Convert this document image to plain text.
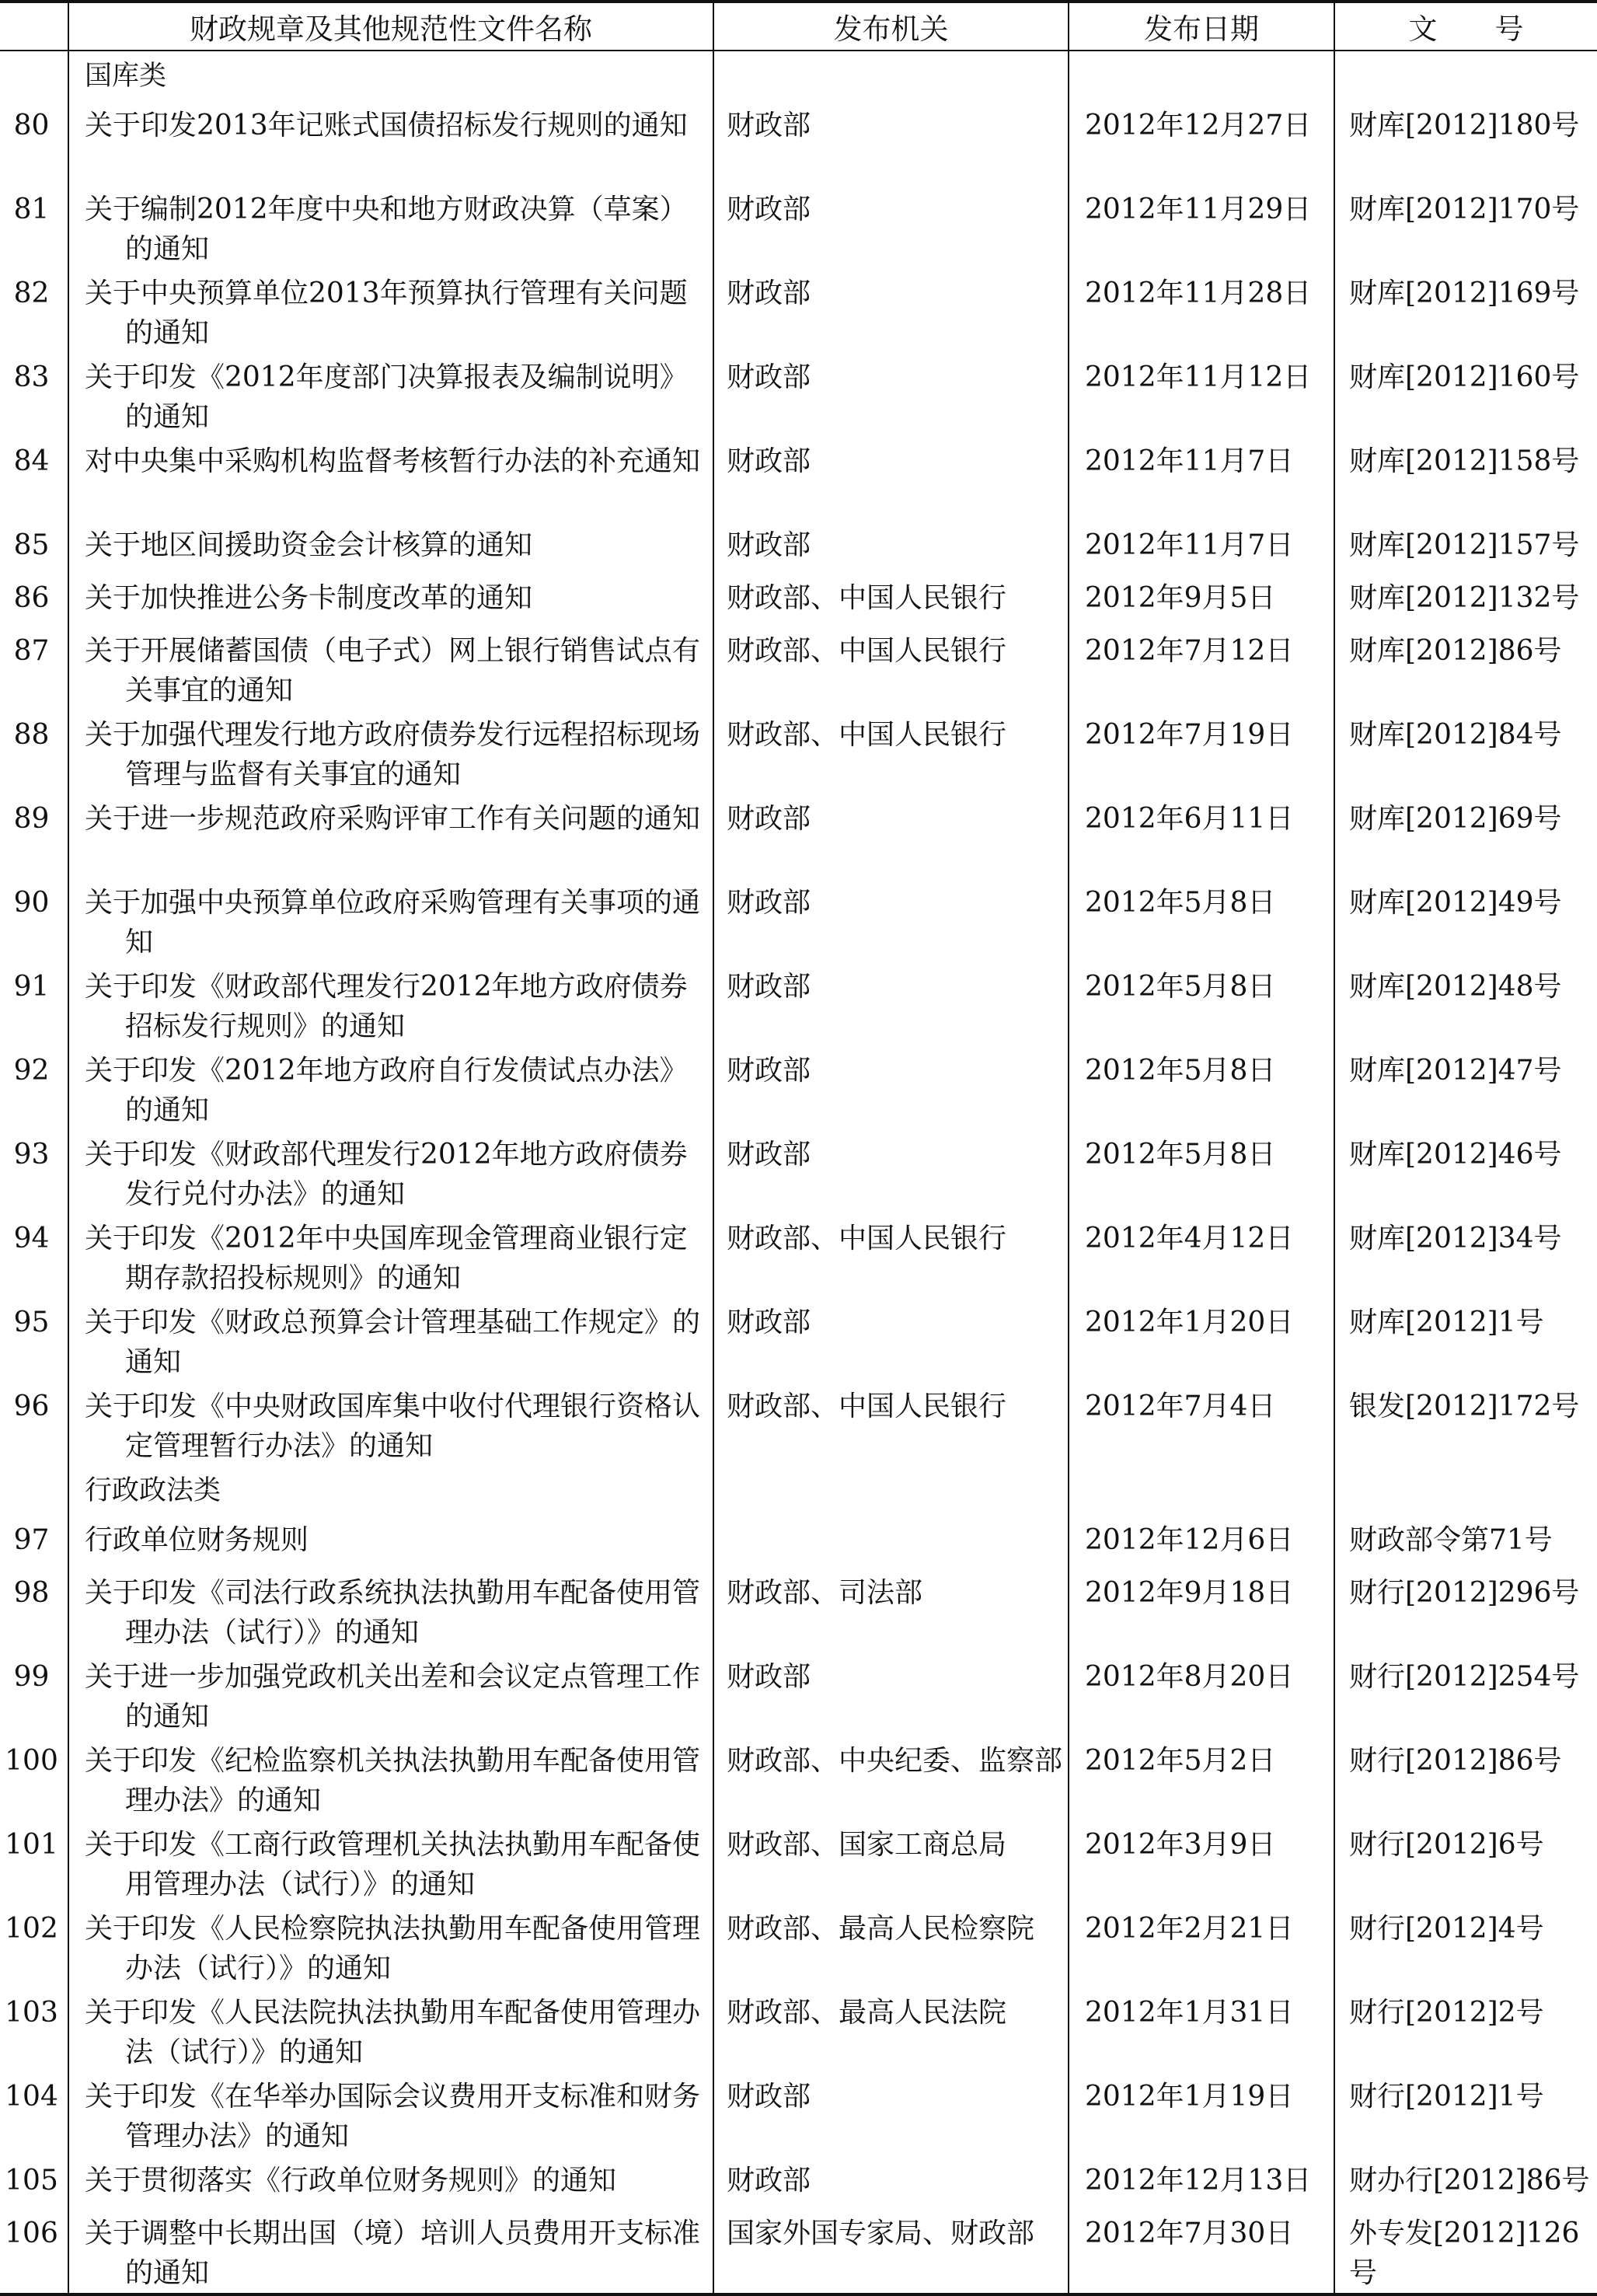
	财政规章及其他规范性文件名称	发布机关	发布日期	文　　号
	国库类			
80	关于印发2013年记账式国债招标发行规则的通知	财政部	2012年12月27日	财库[2012]180号

81	关于编制2012年度中央和地方财政决算（草案）的通知	财政部	2012年11月29日	财库[2012]170号

82	关于中央预算单位2013年预算执行管理有关问题的通知	财政部	2012年11月28日	财库[2012]169号

83	关于印发《2012年度部门决算报表及编制说明》的通知	财政部	2012年11月12日	财库[2012]160号

84	对中央集中采购机构监督考核暂行办法的补充通知	财政部	2012年11月7日	财库[2012]158号

85	关于地区间援助资金会计核算的通知	财政部	2012年11月7日	财库[2012]157号

86	关于加快推进公务卡制度改革的通知	财政部、中国人民银行	2012年9月5日	财库[2012]132号

87	关于开展储蓄国债（电子式）网上银行销售试点有关事宜的通知	财政部、中国人民银行	2012年7月12日	财库[2012]86号

88	关于加强代理发行地方政府债券发行远程招标现场管理与监督有关事宜的通知	财政部、中国人民银行	2012年7月19日	财库[2012]84号

89	关于进一步规范政府采购评审工作有关问题的通知	财政部	2012年6月11日	财库[2012]69号

90	关于加强中央预算单位政府采购管理有关事项的通知	财政部	2012年5月8日	财库[2012]49号

91	关于印发《财政部代理发行2012年地方政府债券招标发行规则》的通知	财政部	2012年5月8日	财库[2012]48号

92	关于印发《2012年地方政府自行发债试点办法》的通知	财政部	2012年5月8日	财库[2012]47号

93	关于印发《财政部代理发行2012年地方政府债券发行兑付办法》的通知	财政部	2012年5月8日	财库[2012]46号

94	关于印发《2012年中央国库现金管理商业银行定期存款招投标规则》的通知	财政部、中国人民银行	2012年4月12日	财库[2012]34号

95	关于印发《财政总预算会计管理基础工作规定》的通知	财政部	2012年1月20日	财库[2012]1号

96	关于印发《中央财政国库集中收付代理银行资格认定管理暂行办法》的通知	财政部、中国人民银行	2012年7月4日	银发[2012]172号

	行政政法类			
97	行政单位财务规则		2012年12月6日	财政部令第71号

98	关于印发《司法行政系统执法执勤用车配备使用管理办法（试行）》的通知	财政部、司法部	2012年9月18日	财行[2012]296号

99	关于进一步加强党政机关出差和会议定点管理工作的通知	财政部	2012年8月20日	财行[2012]254号

100	关于印发《纪检监察机关执法执勤用车配备使用管理办法》的通知	财政部、中央纪委、监察部	2012年5月2日	财行[2012]86号

101	关于印发《工商行政管理机关执法执勤用车配备使用管理办法（试行）》的通知	财政部、国家工商总局	2012年3月9日	财行[2012]6号

102	关于印发《人民检察院执法执勤用车配备使用管理办法（试行）》的通知	财政部、最高人民检察院	2012年2月21日	财行[2012]4号

103	关于印发《人民法院执法执勤用车配备使用管理办法（试行）》的通知	财政部、最高人民法院	2012年1月31日	财行[2012]2号

104	关于印发《在华举办国际会议费用开支标准和财务管理办法》的通知	财政部	2012年1月19日	财行[2012]1号

105	关于贯彻落实《行政单位财务规则》的通知	财政部	2012年12月13日	财办行[2012]86号

106	关于调整中长期出国（境）培训人员费用开支标准的通知	国家外国专家局、财政部	2012年7月30日	外专发[2012]126号
